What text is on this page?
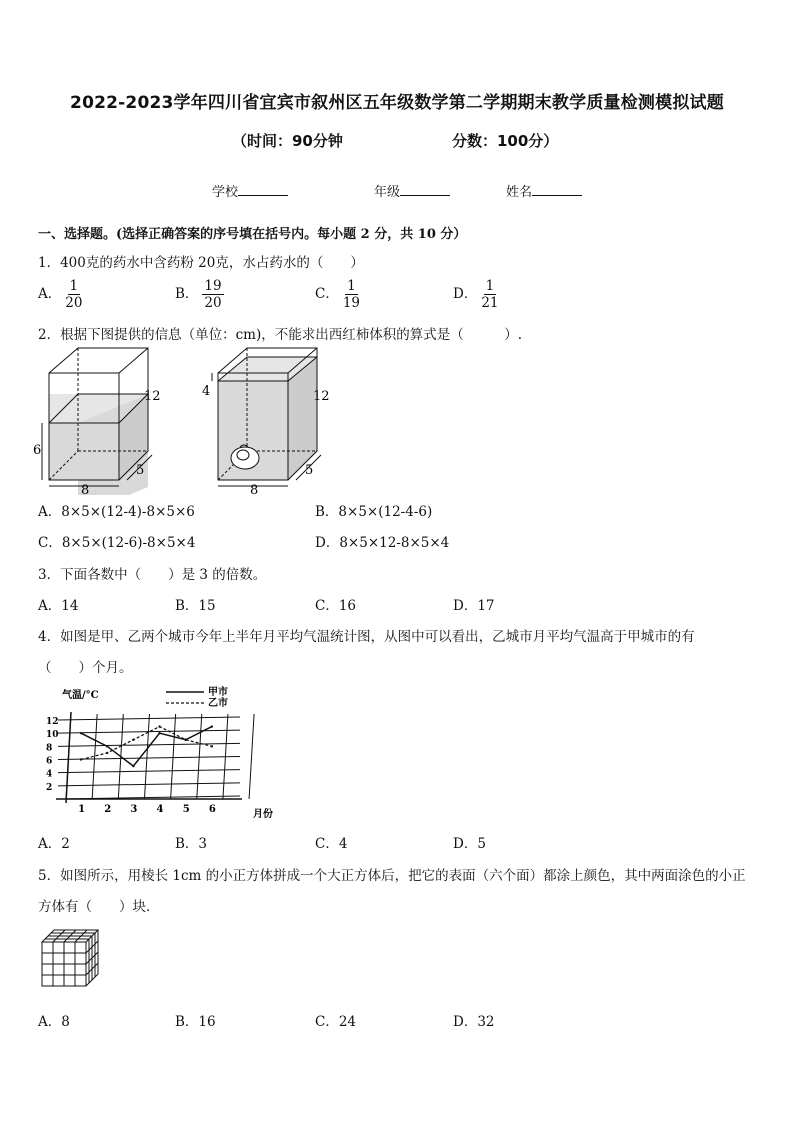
2022-2023学年四川省宜宾市叙州区五年级数学第二学期期末教学质量检测模拟试题
（时间：90分钟	分数：100分）
学校	年级	姓名
一、选择题。(选择正确答案的序号填在括号内。每小题 2 分，共 10 分）
1．400克的药水中含药粉 20克，水占药水的（　　）
A． $\frac{1}{20}$	B． $\frac{19}{20}$	C． $\frac{1}{19}$	D． $\frac{1}{21}$
2．根据下图提供的信息（单位：cm)，不能求出西红柿体积的算式是（　　　）.
6
12
8
5
4	12
8
5
A．8×5×(12-4)-8×5×6	B．8×5×(12-4-6)
C．8×5×(12-6)-8×5×4	D．8×5×12-8×5×4
3．下面各数中（　　）是 3 的倍数。
A．14	B．15	C．16	D．17
4．如图是甲、乙两个城市今年上半年月平均气温统计图，从图中可以看出，乙城市月平均气温高于甲城市的有
（　　）个月。
气温/°C	甲市
乙市
2
4
6
8
10
12
1 2 3 4 5 6	月份
A．2	B．3	C．4	D．5
5．如图所示，用棱长 1cm 的小正方体拼成一个大正方体后，把它的表面（六个面）都涂上颜色，其中两面涂色的小正
方体有（　　）块．
A．8	B．16	C．24	D．32
